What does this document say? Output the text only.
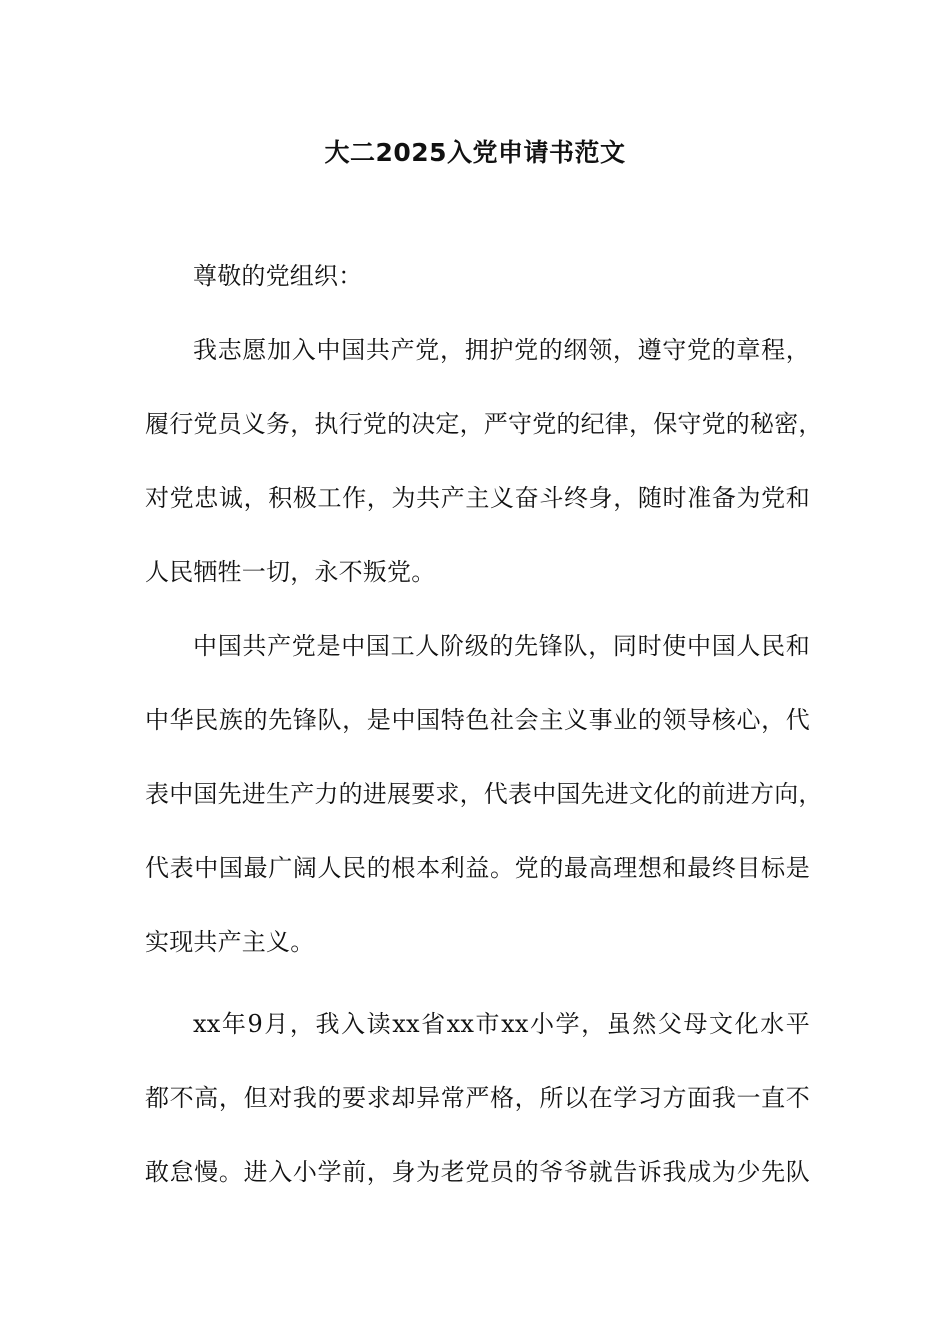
大二2025入党申请书范文
尊敬的党组织：
我志愿加入中国共产党，拥护党的纲领，遵守党的章程，
履行党员义务，执行党的决定，严守党的纪律，保守党的秘密，
对党忠诚，积极工作，为共产主义奋斗终身，随时准备为党和
人民牺牲一切，永不叛党。
中国共产党是中国工人阶级的先锋队，同时使中国人民和
中华民族的先锋队，是中国特色社会主义事业的领导核心，代
表中国先进生产力的进展要求，代表中国先进文化的前进方向，
代表中国最广阔人民的根本利益。党的最高理想和最终目标是
实现共产主义。
xx年9月，我入读xx省xx市xx小学，虽然父母文化水平
都不高，但对我的要求却异常严格，所以在学习方面我一直不
敢怠慢。进入小学前，身为老党员的爷爷就告诉我成为少先队
